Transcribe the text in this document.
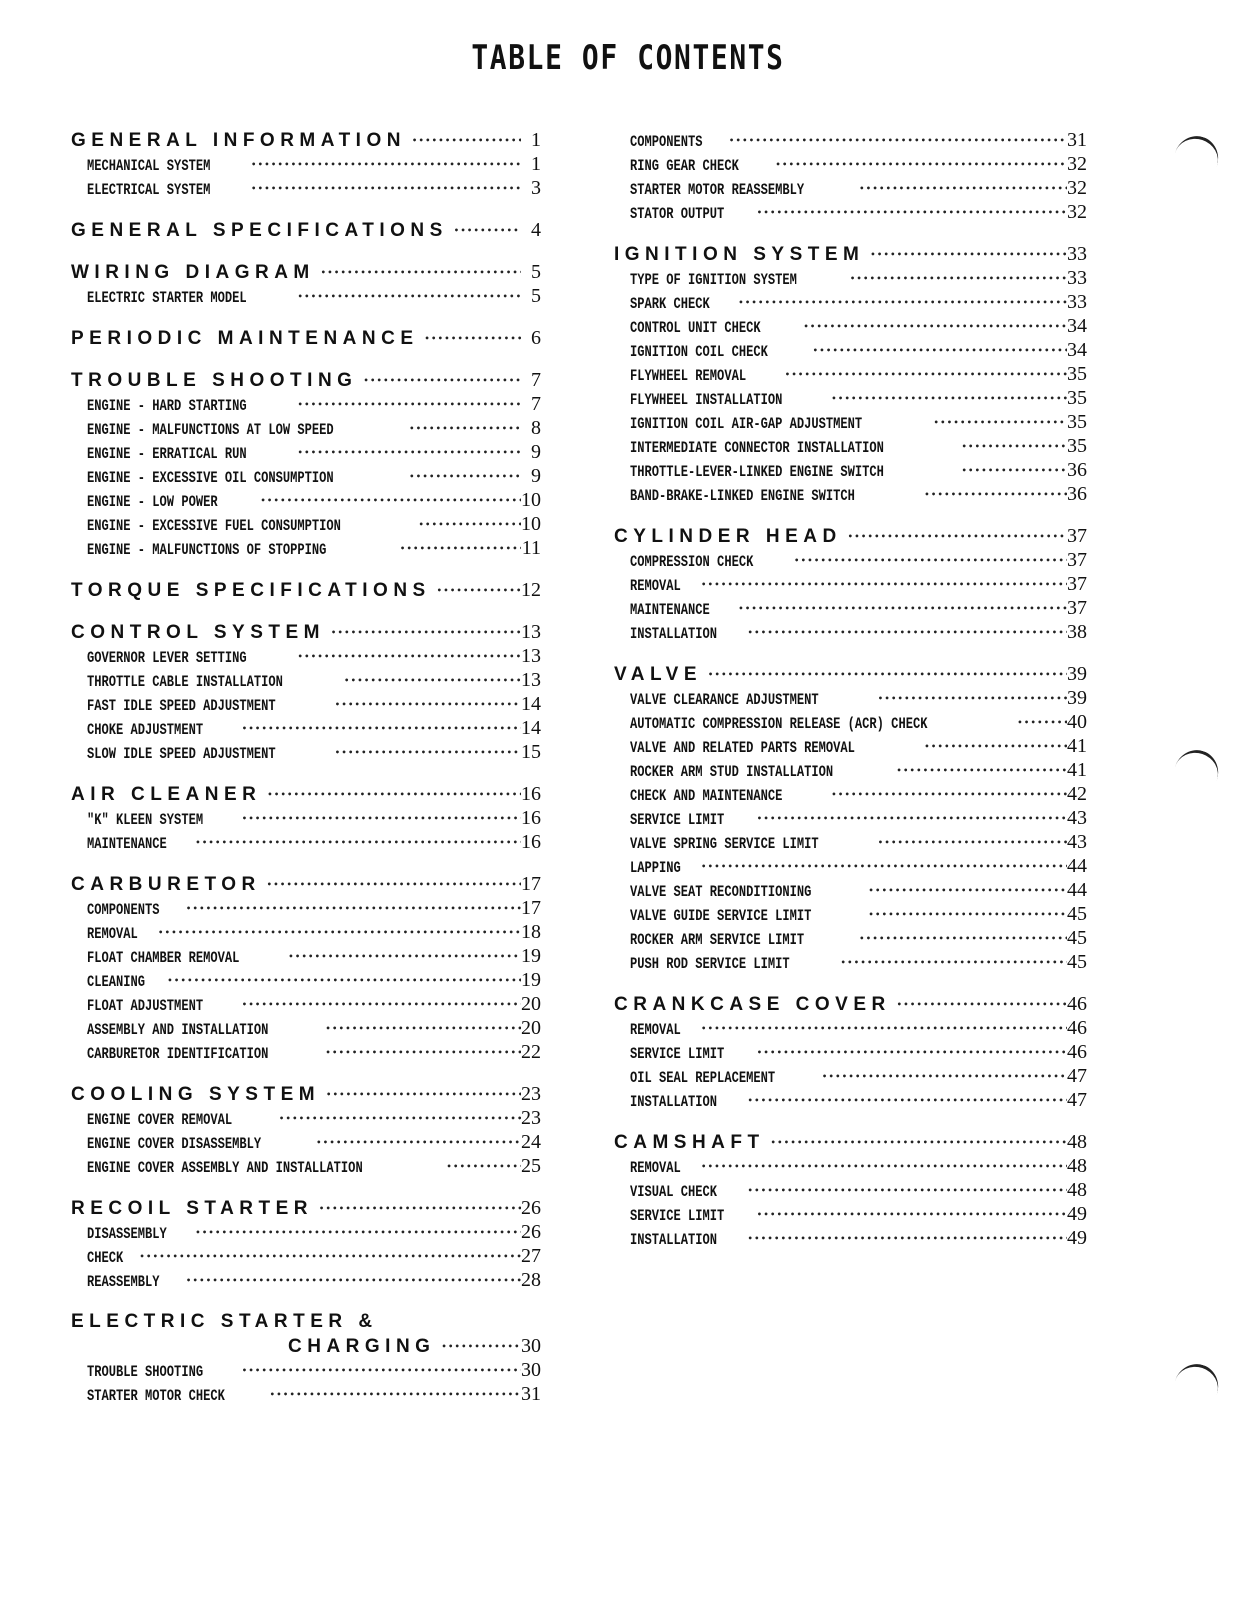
TABLE OF CONTENTS
GENERAL INFORMATION •••••	1
MECHANICAL SYSTEM •••••	1
ELECTRICAL SYSTEM •••••	3
GENERAL SPECIFICATIONS •••••	4
WIRING DIAGRAM •••••	5
ELECTRIC STARTER MODEL •••••	5
PERIODIC MAINTENANCE •••••	6
TROUBLE SHOOTING •••••	7
ENGINE - HARD STARTING •••••	7
ENGINE - MALFUNCTIONS AT LOW SPEED •••••	8
ENGINE - ERRATICAL RUN •••••	9
ENGINE - EXCESSIVE OIL CONSUMPTION •••••	9
ENGINE - LOW POWER •••••	10
ENGINE - EXCESSIVE FUEL CONSUMPTION •••••	10
ENGINE - MALFUNCTIONS OF STOPPING •••••	11
TORQUE SPECIFICATIONS •••••	12
CONTROL SYSTEM •••••	13
GOVERNOR LEVER SETTING •••••	13
THROTTLE CABLE INSTALLATION •••••	13
FAST IDLE SPEED ADJUSTMENT •••••	14
CHOKE ADJUSTMENT •••••	14
SLOW IDLE SPEED ADJUSTMENT •••••	15
AIR CLEANER •••••	16
"K" KLEEN SYSTEM •••••	16
MAINTENANCE •••••	16
CARBURETOR •••••	17
COMPONENTS •••••	17
REMOVAL •••••	18
FLOAT CHAMBER REMOVAL •••••	19
CLEANING •••••	19
FLOAT ADJUSTMENT •••••	20
ASSEMBLY AND INSTALLATION •••••	20
CARBURETOR IDENTIFICATION •••••	22
COOLING SYSTEM •••••	23
ENGINE COVER REMOVAL •••••	23
ENGINE COVER DISASSEMBLY •••••	24
ENGINE COVER ASSEMBLY AND INSTALLATION •••••	25
RECOIL STARTER •••••	26
DISASSEMBLY •••••	26
CHECK •••••	27
REASSEMBLY •••••	28
ELECTRIC STARTER &
CHARGING •••••	30
TROUBLE SHOOTING •••••	30
STARTER MOTOR CHECK •••••	31
COMPONENTS •••••	31
RING GEAR CHECK •••••	32
STARTER MOTOR REASSEMBLY •••••	32
STATOR OUTPUT •••••	32
IGNITION SYSTEM •••••	33
TYPE OF IGNITION SYSTEM •••••	33
SPARK CHECK •••••	33
CONTROL UNIT CHECK •••••	34
IGNITION COIL CHECK •••••	34
FLYWHEEL REMOVAL •••••	35
FLYWHEEL INSTALLATION •••••	35
IGNITION COIL AIR-GAP ADJUSTMENT •••••	35
INTERMEDIATE CONNECTOR INSTALLATION •••••	35
THROTTLE-LEVER-LINKED ENGINE SWITCH •••••	36
BAND-BRAKE-LINKED ENGINE SWITCH •••••	36
CYLINDER HEAD •••••	37
COMPRESSION CHECK •••••	37
REMOVAL •••••	37
MAINTENANCE •••••	37
INSTALLATION •••••	38
VALVE •••••	39
VALVE CLEARANCE ADJUSTMENT •••••	39
AUTOMATIC COMPRESSION RELEASE (ACR) CHECK •••••	40
VALVE AND RELATED PARTS REMOVAL •••••	41
ROCKER ARM STUD INSTALLATION •••••	41
CHECK AND MAINTENANCE •••••	42
SERVICE LIMIT •••••	43
VALVE SPRING SERVICE LIMIT •••••	43
LAPPING •••••	44
VALVE SEAT RECONDITIONING •••••	44
VALVE GUIDE SERVICE LIMIT •••••	45
ROCKER ARM SERVICE LIMIT •••••	45
PUSH ROD SERVICE LIMIT •••••	45
CRANKCASE COVER •••••	46
REMOVAL •••••	46
SERVICE LIMIT •••••	46
OIL SEAL REPLACEMENT •••••	47
INSTALLATION •••••	47
CAMSHAFT •••••	48
REMOVAL •••••	48
VISUAL CHECK •••••	48
SERVICE LIMIT •••••	49
INSTALLATION •••••	49
